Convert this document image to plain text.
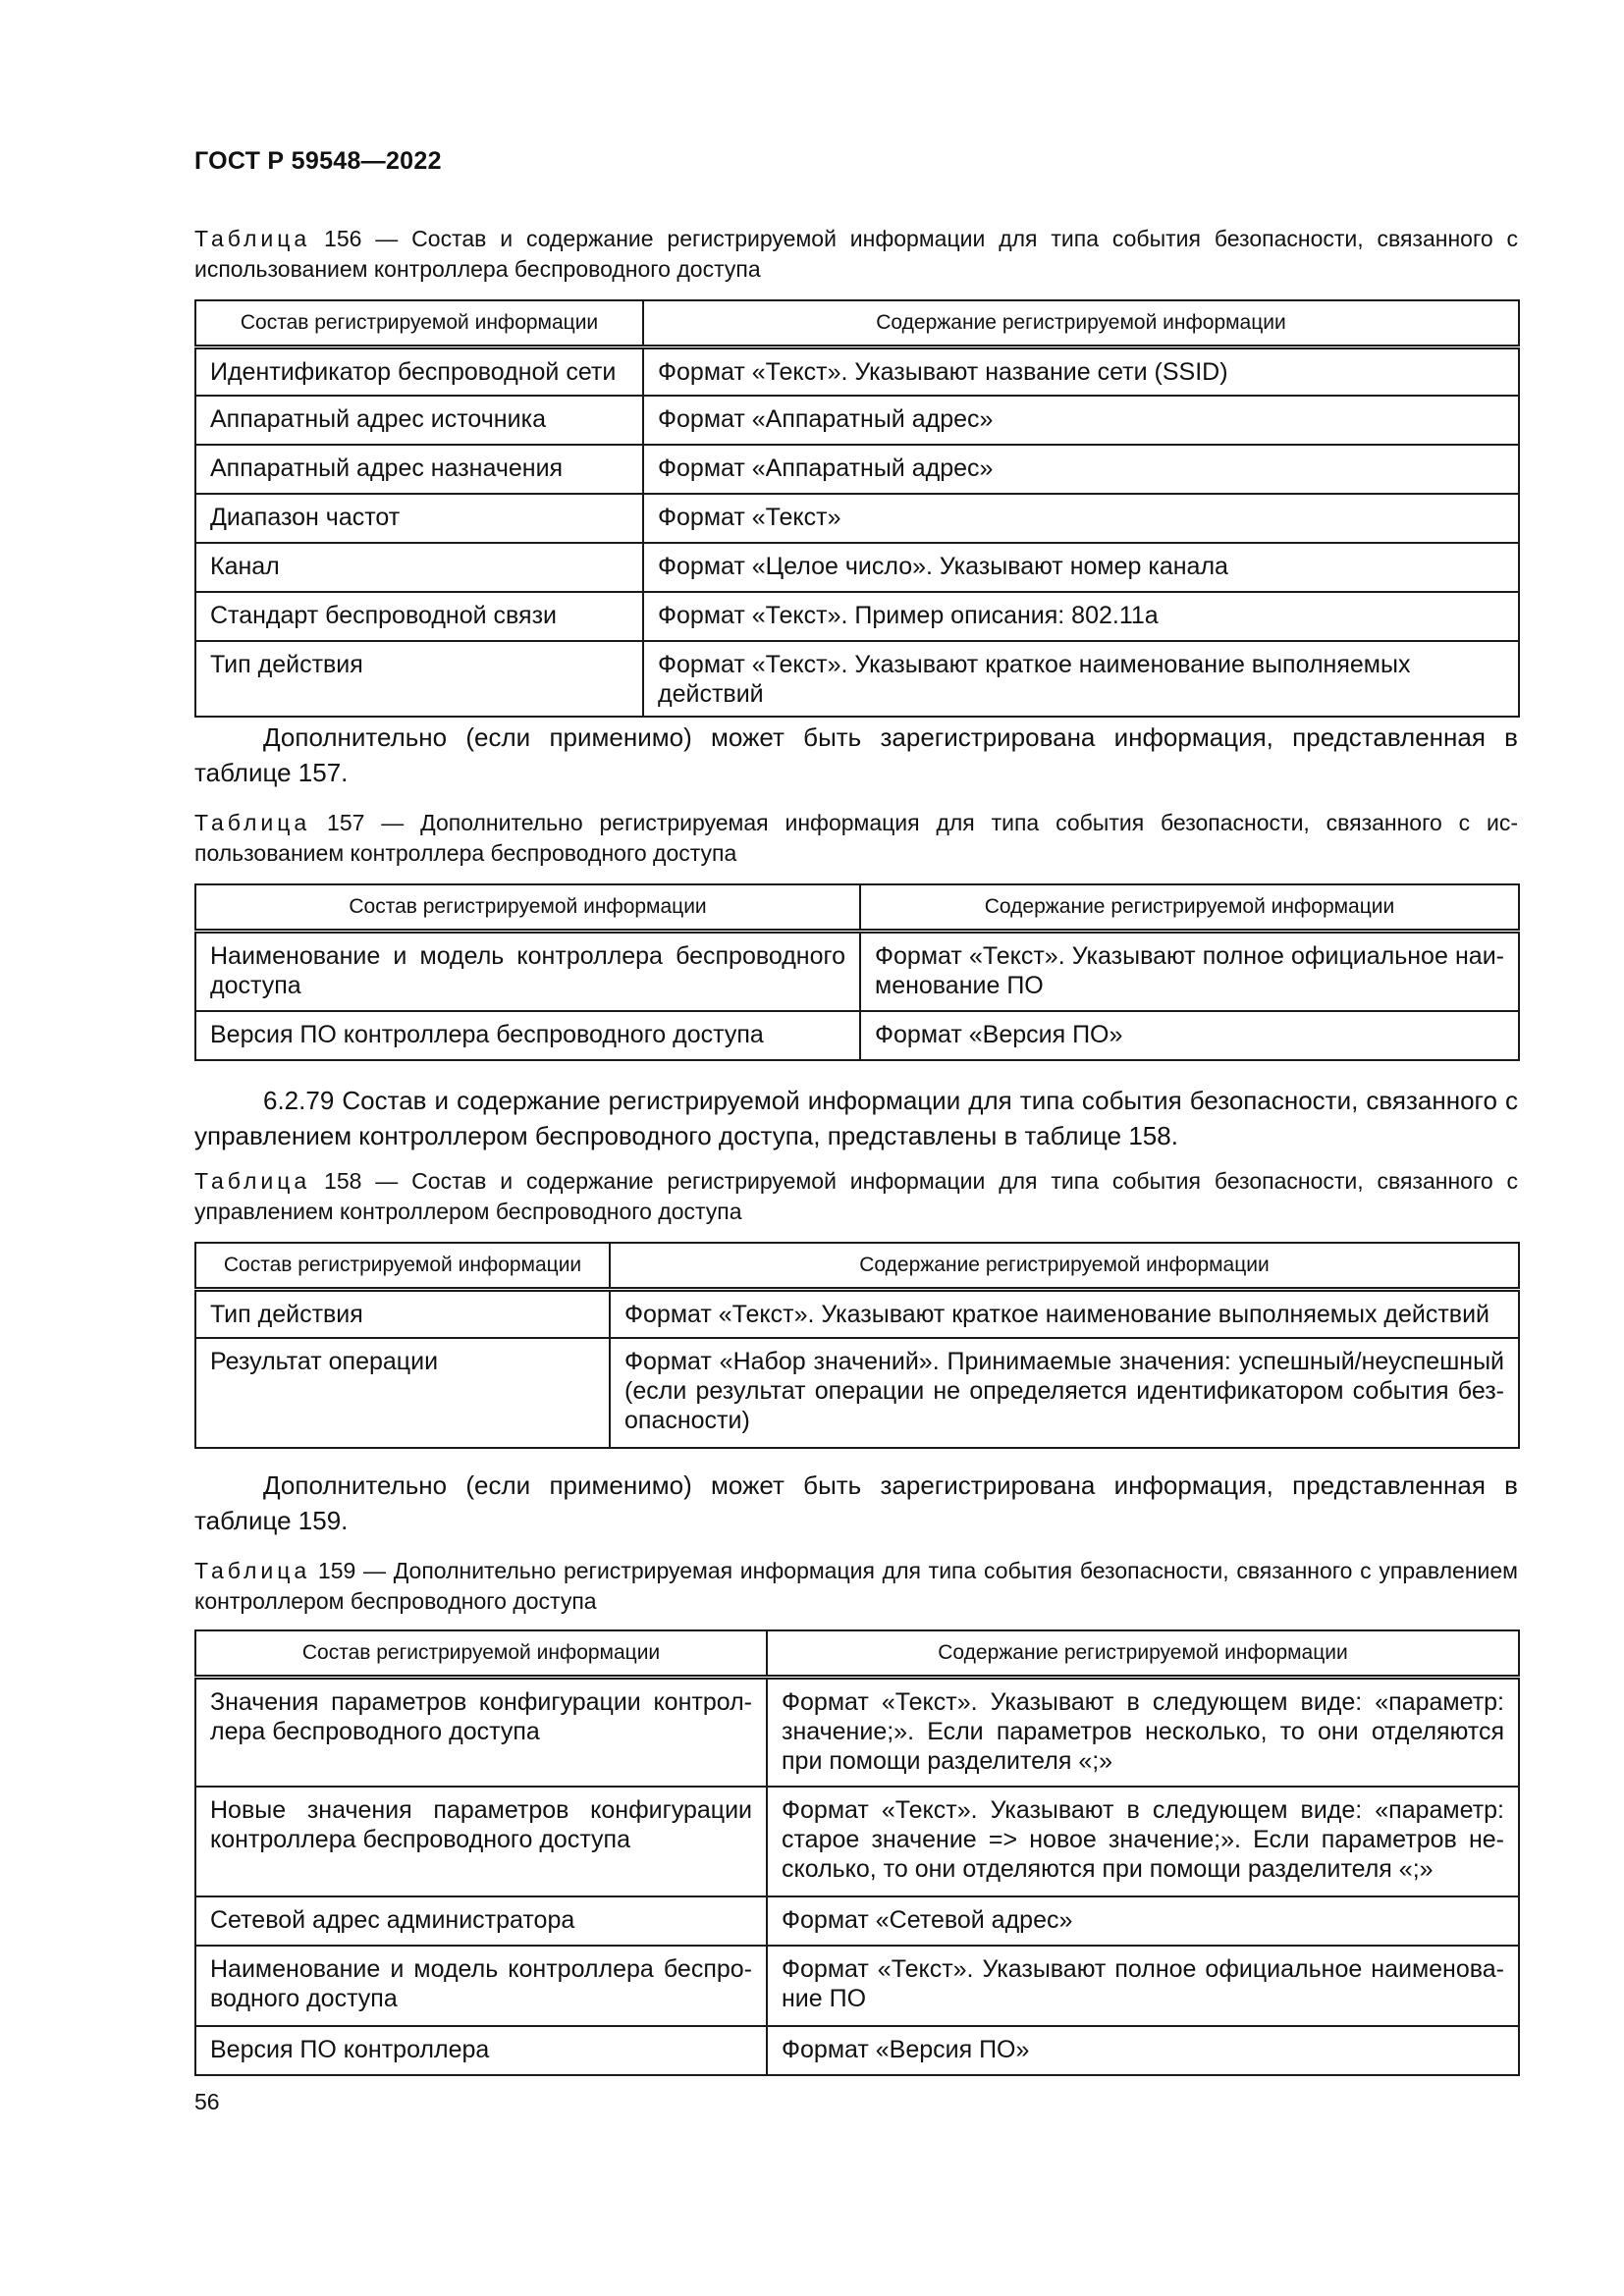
ГОСТ Р 59548—2022
Таблица 156 — Состав и содержание регистрируемой информации для типа события безопасности, связанного с использованием контроллера беспроводного доступа
Состав регистрируемой информации	Содержание регистрируемой информации
Идентификатор беспроводной сети	Формат «Текст». Указывают название сети (SSID)
Аппаратный адрес источника	Формат «Аппаратный адрес»
Аппаратный адрес назначения	Формат «Аппаратный адрес»
Диапазон частот	Формат «Текст»
Канал	Формат «Целое число». Указывают номер канала
Стандарт беспроводной связи	Формат «Текст». Пример описания: 802.11a
Тип действия	Формат «Текст». Указывают краткое наименование выполняемых действий
Дополнительно (если применимо) может быть зарегистрирована информация, представленная в таблице 157.
Таблица 157 — Дополнительно регистрируемая информация для типа события безопасности, связанного с использованием контроллера беспроводного доступа
Состав регистрируемой информации	Содержание регистрируемой информации
Наименование и модель контроллера беспроводного доступа	Формат «Текст». Указывают полное официальное наименование ПО
Версия ПО контроллера беспроводного доступа	Формат «Версия ПО»
6.2.79 Состав и содержание регистрируемой информации для типа события безопасности, связанного с управлением контроллером беспроводного доступа, представлены в таблице 158.
Таблица 158 — Состав и содержание регистрируемой информации для типа события безопасности, связанного с управлением контроллером беспроводного доступа
Состав регистрируемой информации	Содержание регистрируемой информации
Тип действия	Формат «Текст». Указывают краткое наименование выполняемых действий
Результат операции	Формат «Набор значений». Принимаемые значения: успешный/неуспешный (если результат операции не определяется идентификатором события безопасности)
Дополнительно (если применимо) может быть зарегистрирована информация, представленная в таблице 159.
Таблица 159 — Дополнительно регистрируемая информация для типа события безопасности, связанного с управлением контроллером беспроводного доступа
Состав регистрируемой информации	Содержание регистрируемой информации
Значения параметров конфигурации контроллера беспроводного доступа	Формат «Текст». Указывают в следующем виде: «параметр: значение;». Если параметров несколько, то они отделяются при помощи разделителя «;»
Новые значения параметров конфигурации контроллера беспроводного доступа	Формат «Текст». Указывают в следующем виде: «параметр: старое значение => новое значение;». Если параметров несколько, то они отделяются при помощи разделителя «;»
Сетевой адрес администратора	Формат «Сетевой адрес»
Наименование и модель контроллера беспроводного доступа	Формат «Текст». Указывают полное официальное наименование ПО
Версия ПО контроллера	Формат «Версия ПО»
56
